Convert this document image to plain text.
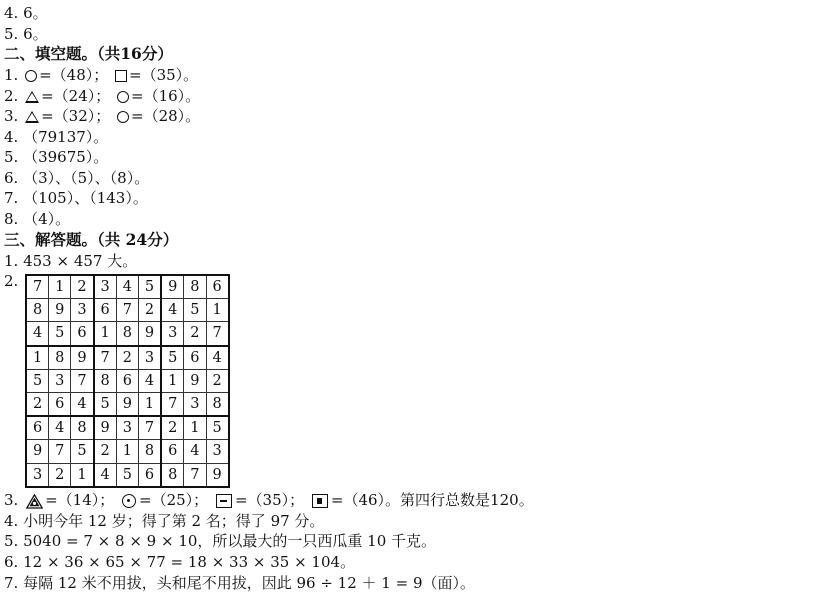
4. 6。
5. 6。
二、填空题。（共16分）
1. =（48）； =（35）。
2. =（24）； =（16）。
3. =（32）； =（28）。
4. （79137）。
5. （39675）。
6. （3）、（5）、（8）。
7. （105）、（143）。
8. （4）。
三、解答题。（共 24分）
1. 453 × 457 大。
2. 7	1	2	3	4	5	9	8	6
8	9	3	6	7	2	4	5	1
4	5	6	1	8	9	3	2	7
1	8	9	7	2	3	5	6	4
5	3	7	8	6	4	1	9	2
2	6	4	5	9	1	7	3	8
6	4	8	9	3	7	2	1	5
9	7	5	2	1	8	6	4	3
3	2	1	4	5	6	8	7	9
3. =（14）； =（25）； =（35）； =（46）。第四行总数是120。
4. 小明今年 12 岁；得了第 2 名；得了 97 分。
5. 5040 = 7 × 8 × 9 × 10，所以最大的一只西瓜重 10 千克。
6. 12 × 36 × 65 × 77 = 18 × 33 × 35 × 104。
7. 每隔 12 米不用拔，头和尾不用拔，因此 96 ÷ 12 ＋ 1 = 9（面）。
